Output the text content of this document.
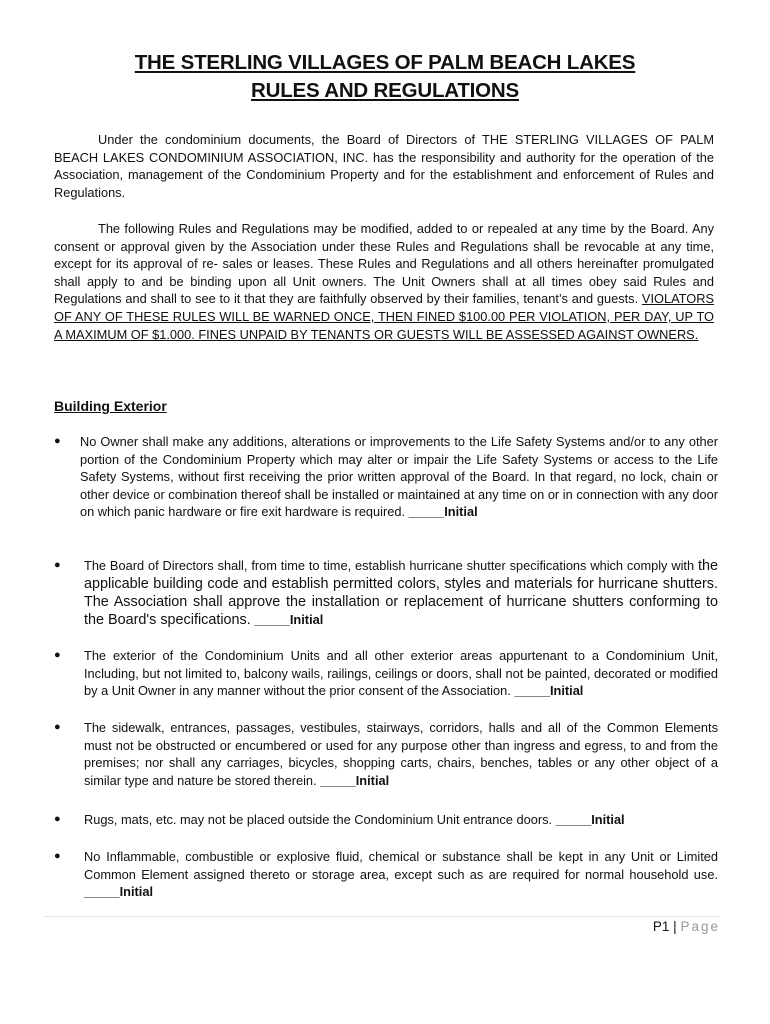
THE STERLING VILLAGES OF PALM BEACH LAKES
RULES AND REGULATIONS
Under the condominium documents, the Board of Directors of THE STERLING VILLAGES OF PALM BEACH LAKES CONDOMINIUM ASSOCIATION, INC. has the responsibility and authority for the operation of the Association, management of the Condominium Property and for the establishment and enforcement of Rules and Regulations.
The following Rules and Regulations may be modified, added to or repealed at any time by the Board. Any consent or approval given by the Association under these Rules and Regulations shall be revocable at any time, except for its approval of re- sales or leases. These Rules and Regulations and all others hereinafter promulgated shall apply to and be binding upon all Unit owners. The Unit Owners shall at all times obey said Rules and Regulations and shall to see to it that they are faithfully observed by their families, tenant’s and guests. VIOLATORS OF ANY OF THESE RULES WILL BE WARNED ONCE, THEN FINED $100.00 PER VIOLATION, PER DAY, UP TO A MAXIMUM OF $1.000. FINES UNPAID BY TENANTS OR GUESTS WILL BE ASSESSED AGAINST OWNERS.
Building Exterior
●	No Owner shall make any additions, alterations or improvements to the Life Safety Systems and/or to any other portion of the Condominium Property which may alter or impair the Life Safety Systems or access to the Life Safety Systems, without first receiving the prior written approval of the Board. In that regard, no lock, chain or other device or combination thereof shall be installed or maintained at any time on or in connection with any door on which panic hardware or fire exit hardware is required. _____Initial
●	The Board of Directors shall, from time to time, establish hurricane shutter specifications which comply with the applicable building code and establish permitted colors, styles and materials for hurricane shutters. The Association shall approve the installation or replacement of hurricane shutters conforming to the Board's specifications. _____Initial
●	The exterior of the Condominium Units and all other exterior areas appurtenant to a Condominium Unit, Including, but not limited to, balcony wails, railings, ceilings or doors, shall not be painted, decorated or modified by a Unit Owner in any manner without the prior consent of the Association. _____Initial
●	The sidewalk, entrances, passages, vestibules, stairways, corridors, halls and all of the Common Elements must not be obstructed or encumbered or used for any purpose other than ingress and egress, to and from the premises; nor shall any carriages, bicycles, shopping carts, chairs, benches, tables or any other object of a similar type and nature be stored therein. _____Initial
●	Rugs, mats, etc. may not be placed outside the Condominium Unit entrance doors. _____Initial
●	No Inflammable, combustible or explosive fluid, chemical or substance shall be kept in any Unit or Limited Common Element assigned thereto or storage area, except such as are required for normal household use. _____Initial
P1 | Page
